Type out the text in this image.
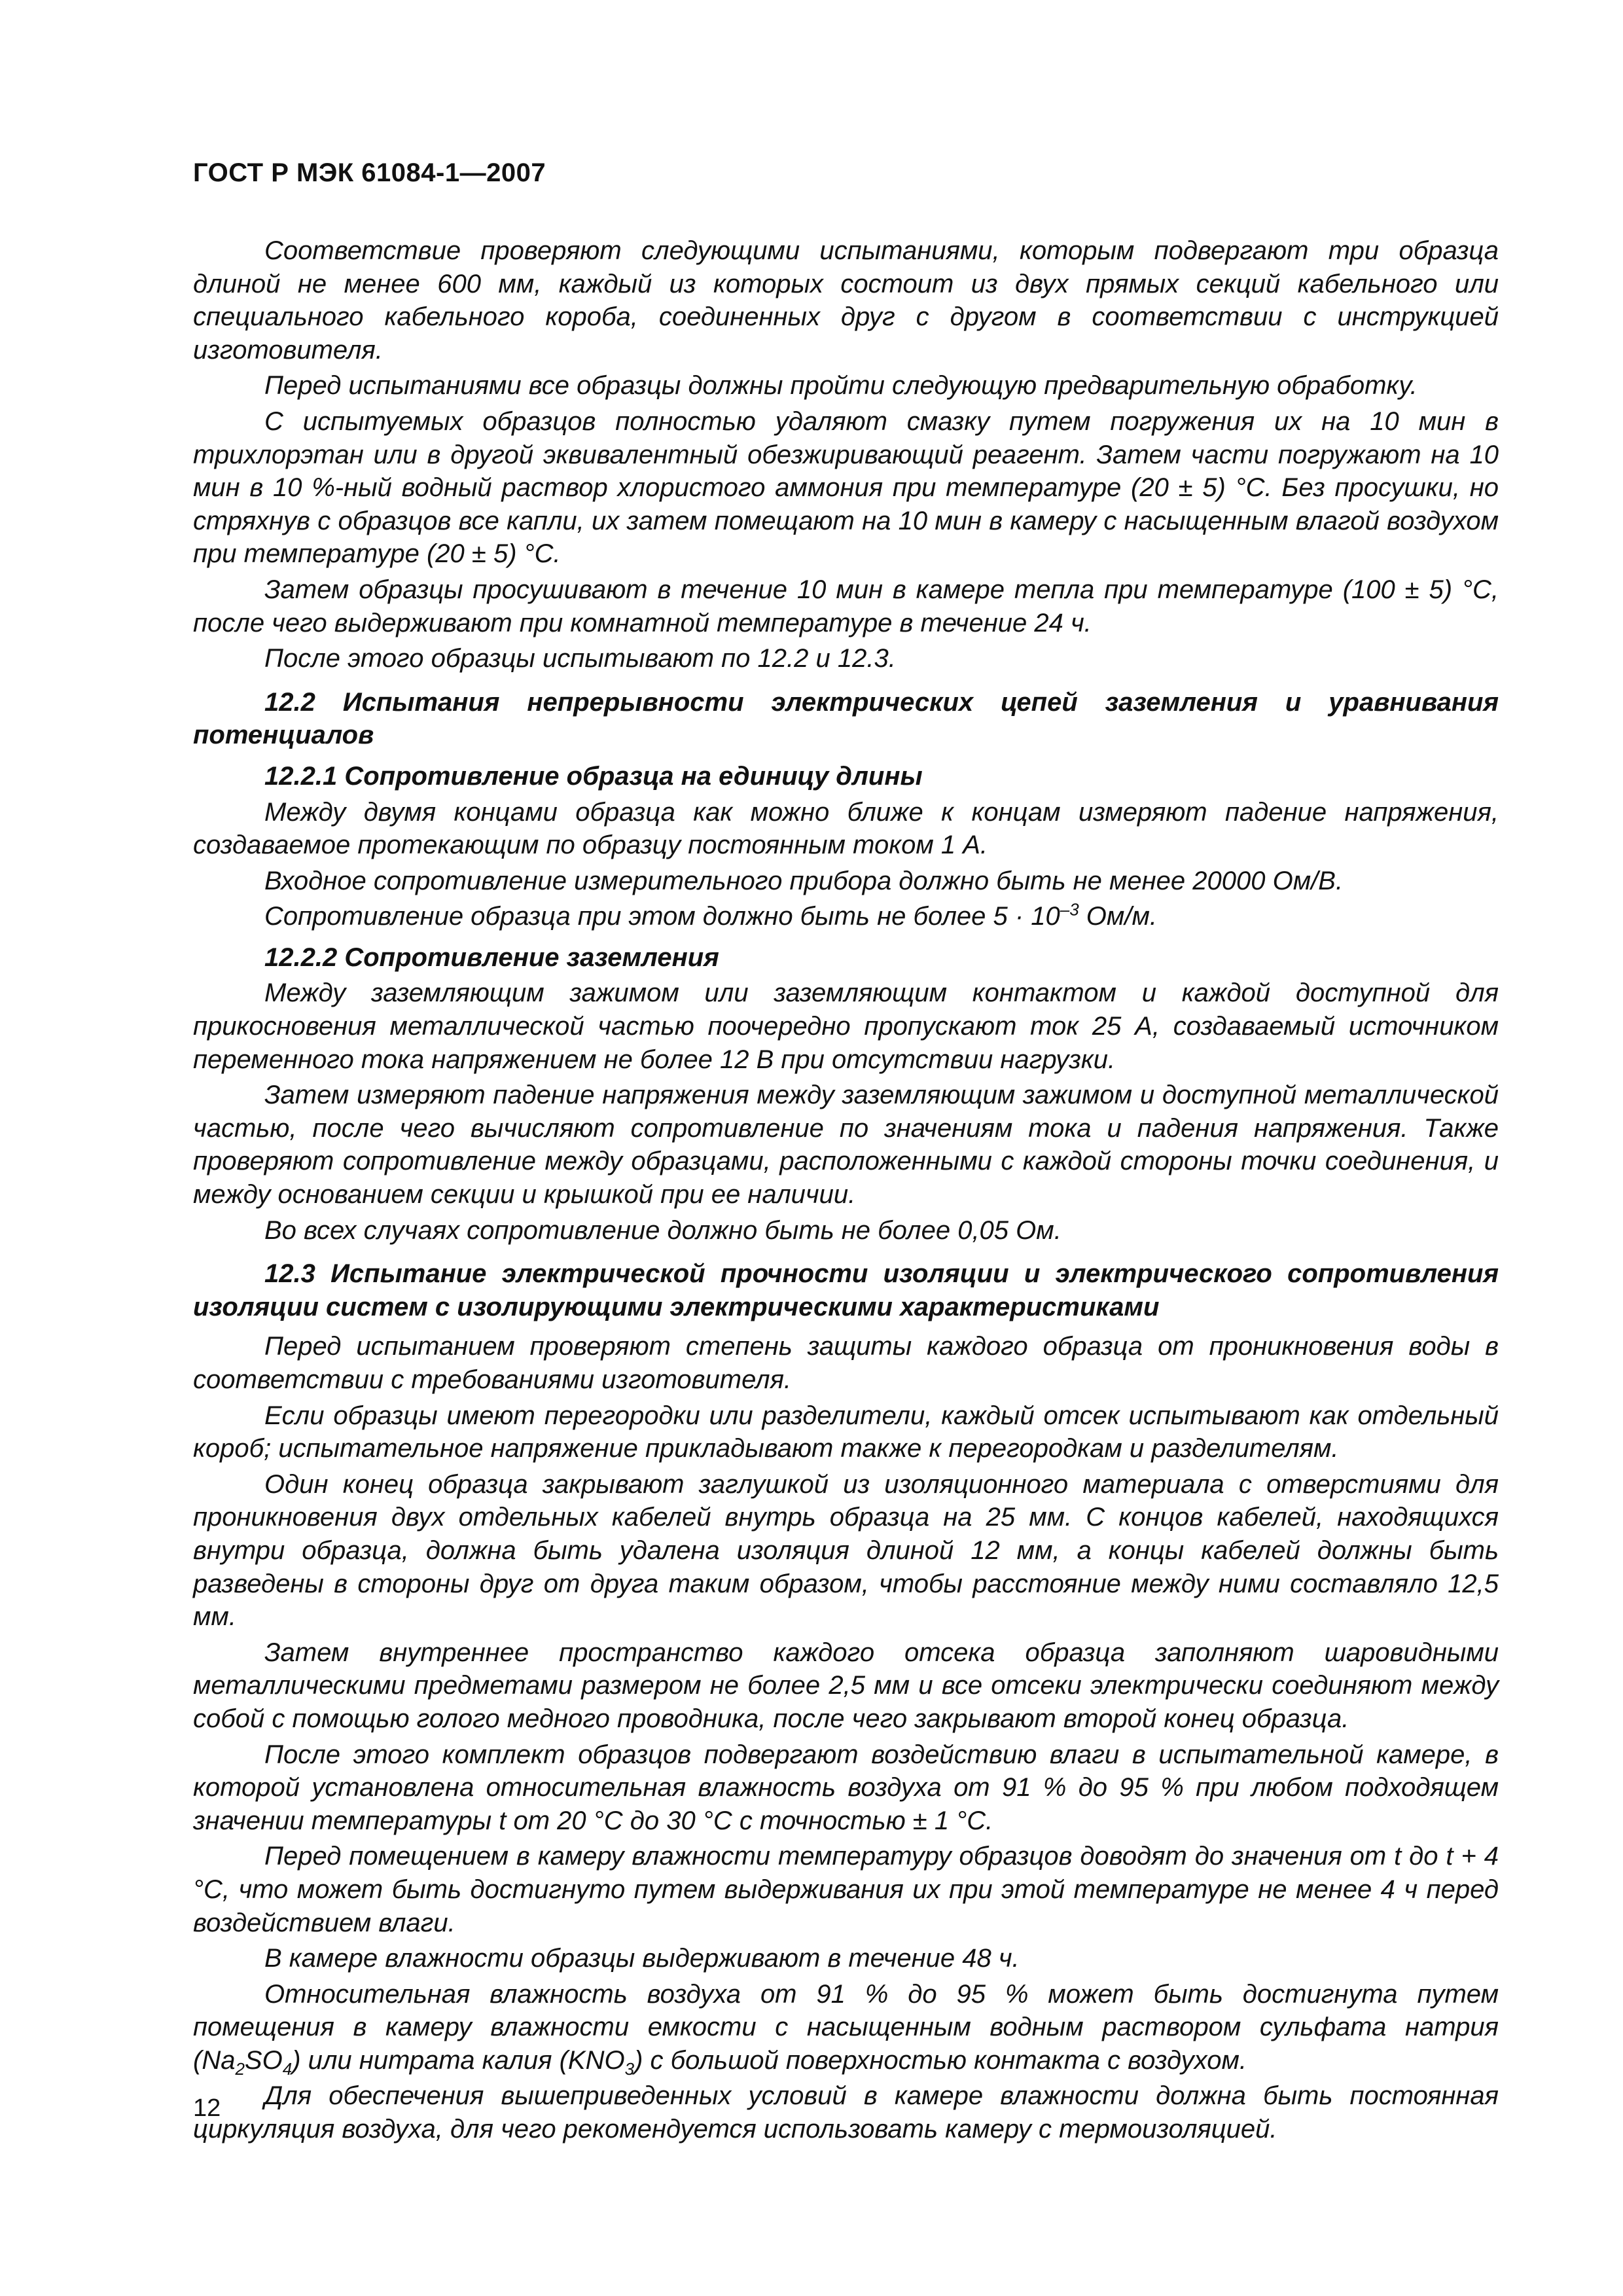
ГОСТ Р МЭК 61084-1—2007

Соответствие проверяют следующими испытаниями, которым подвергают три образца длиной не менее 600 мм, каждый из которых состоит из двух прямых секций кабельного или специального кабельного короба, соединенных друг с другом в соответствии с инструкцией изготовителя.

Перед испытаниями все образцы должны пройти следующую предварительную обработку.

С испытуемых образцов полностью удаляют смазку путем погружения их на 10 мин в трихлорэтан или в другой эквивалентный обезжиривающий реагент. Затем части погружают на 10 мин в 10 %-ный водный раствор хлористого аммония при температуре (20 ± 5) °С. Без просушки, но стряхнув с образцов все капли, их затем помещают на 10 мин в камеру с насыщенным влагой воздухом при температуре (20 ± 5) °С.

Затем образцы просушивают в течение 10 мин в камере тепла при температуре (100 ± 5) °С, после чего выдерживают при комнатной температуре в течение 24 ч.

После этого образцы испытывают по 12.2 и 12.3.

12.2 Испытания непрерывности электрических цепей заземления и уравнивания потенциалов

12.2.1 Сопротивление образца на единицу длины

Между двумя концами образца как можно ближе к концам измеряют падение напряжения, создаваемое протекающим по образцу постоянным током 1 А.

Входное сопротивление измерительного прибора должно быть не менее 20000 Ом/В.

Сопротивление образца при этом должно быть не более $5 \cdot 10^{-3}$ Ом/м.

12.2.2 Сопротивление заземления

Между заземляющим зажимом или заземляющим контактом и каждой доступной для прикосновения металлической частью поочередно пропускают ток 25 А, создаваемый источником переменного тока напряжением не более 12 В при отсутствии нагрузки.

Затем измеряют падение напряжения между заземляющим зажимом и доступной металлической частью, после чего вычисляют сопротивление по значениям тока и падения напряжения. Также проверяют сопротивление между образцами, расположенными с каждой стороны точки соединения, и между основанием секции и крышкой при ее наличии.

Во всех случаях сопротивление должно быть не более 0,05 Ом.

12.3 Испытание электрической прочности изоляции и электрического сопротивления изоляции систем с изолирующими электрическими характеристиками

Перед испытанием проверяют степень защиты каждого образца от проникновения воды в соответствии с требованиями изготовителя.

Если образцы имеют перегородки или разделители, каждый отсек испытывают как отдельный короб; испытательное напряжение прикладывают также к перегородкам и разделителям.

Один конец образца закрывают заглушкой из изоляционного материала с отверстиями для проникновения двух отдельных кабелей внутрь образца на 25 мм. С концов кабелей, находящихся внутри образца, должна быть удалена изоляция длиной 12 мм, а концы кабелей должны быть разведены в стороны друг от друга таким образом, чтобы расстояние между ними составляло 12,5 мм.

Затем внутреннее пространство каждого отсека образца заполняют шаровидными металлическими предметами размером не более 2,5 мм и все отсеки электрически соединяют между собой с помощью голого медного проводника, после чего закрывают второй конец образца.

После этого комплект образцов подвергают воздействию влаги в испытательной камере, в которой установлена относительная влажность воздуха от 91 % до 95 % при любом подходящем значении температуры t от 20 °С до 30 °С с точностью ± 1 °С.

Перед помещением в камеру влажности температуру образцов доводят до значения от t до t + 4 °С, что может быть достигнуто путем выдерживания их при этой температуре не менее 4 ч перед воздействием влаги.

В камере влажности образцы выдерживают в течение 48 ч.

Относительная влажность воздуха от 91 % до 95 % может быть достигнута путем помещения в камеру влажности емкости с насыщенным водным раствором сульфата натрия $(Na_2SO_4)$ или нитрата калия $(KNO_3)$ с большой поверхностью контакта с воздухом.

Для обеспечения вышеприведенных условий в камере влажности должна быть постоянная циркуляция воздуха, для чего рекомендуется использовать камеру с термоизоляцией.

12
